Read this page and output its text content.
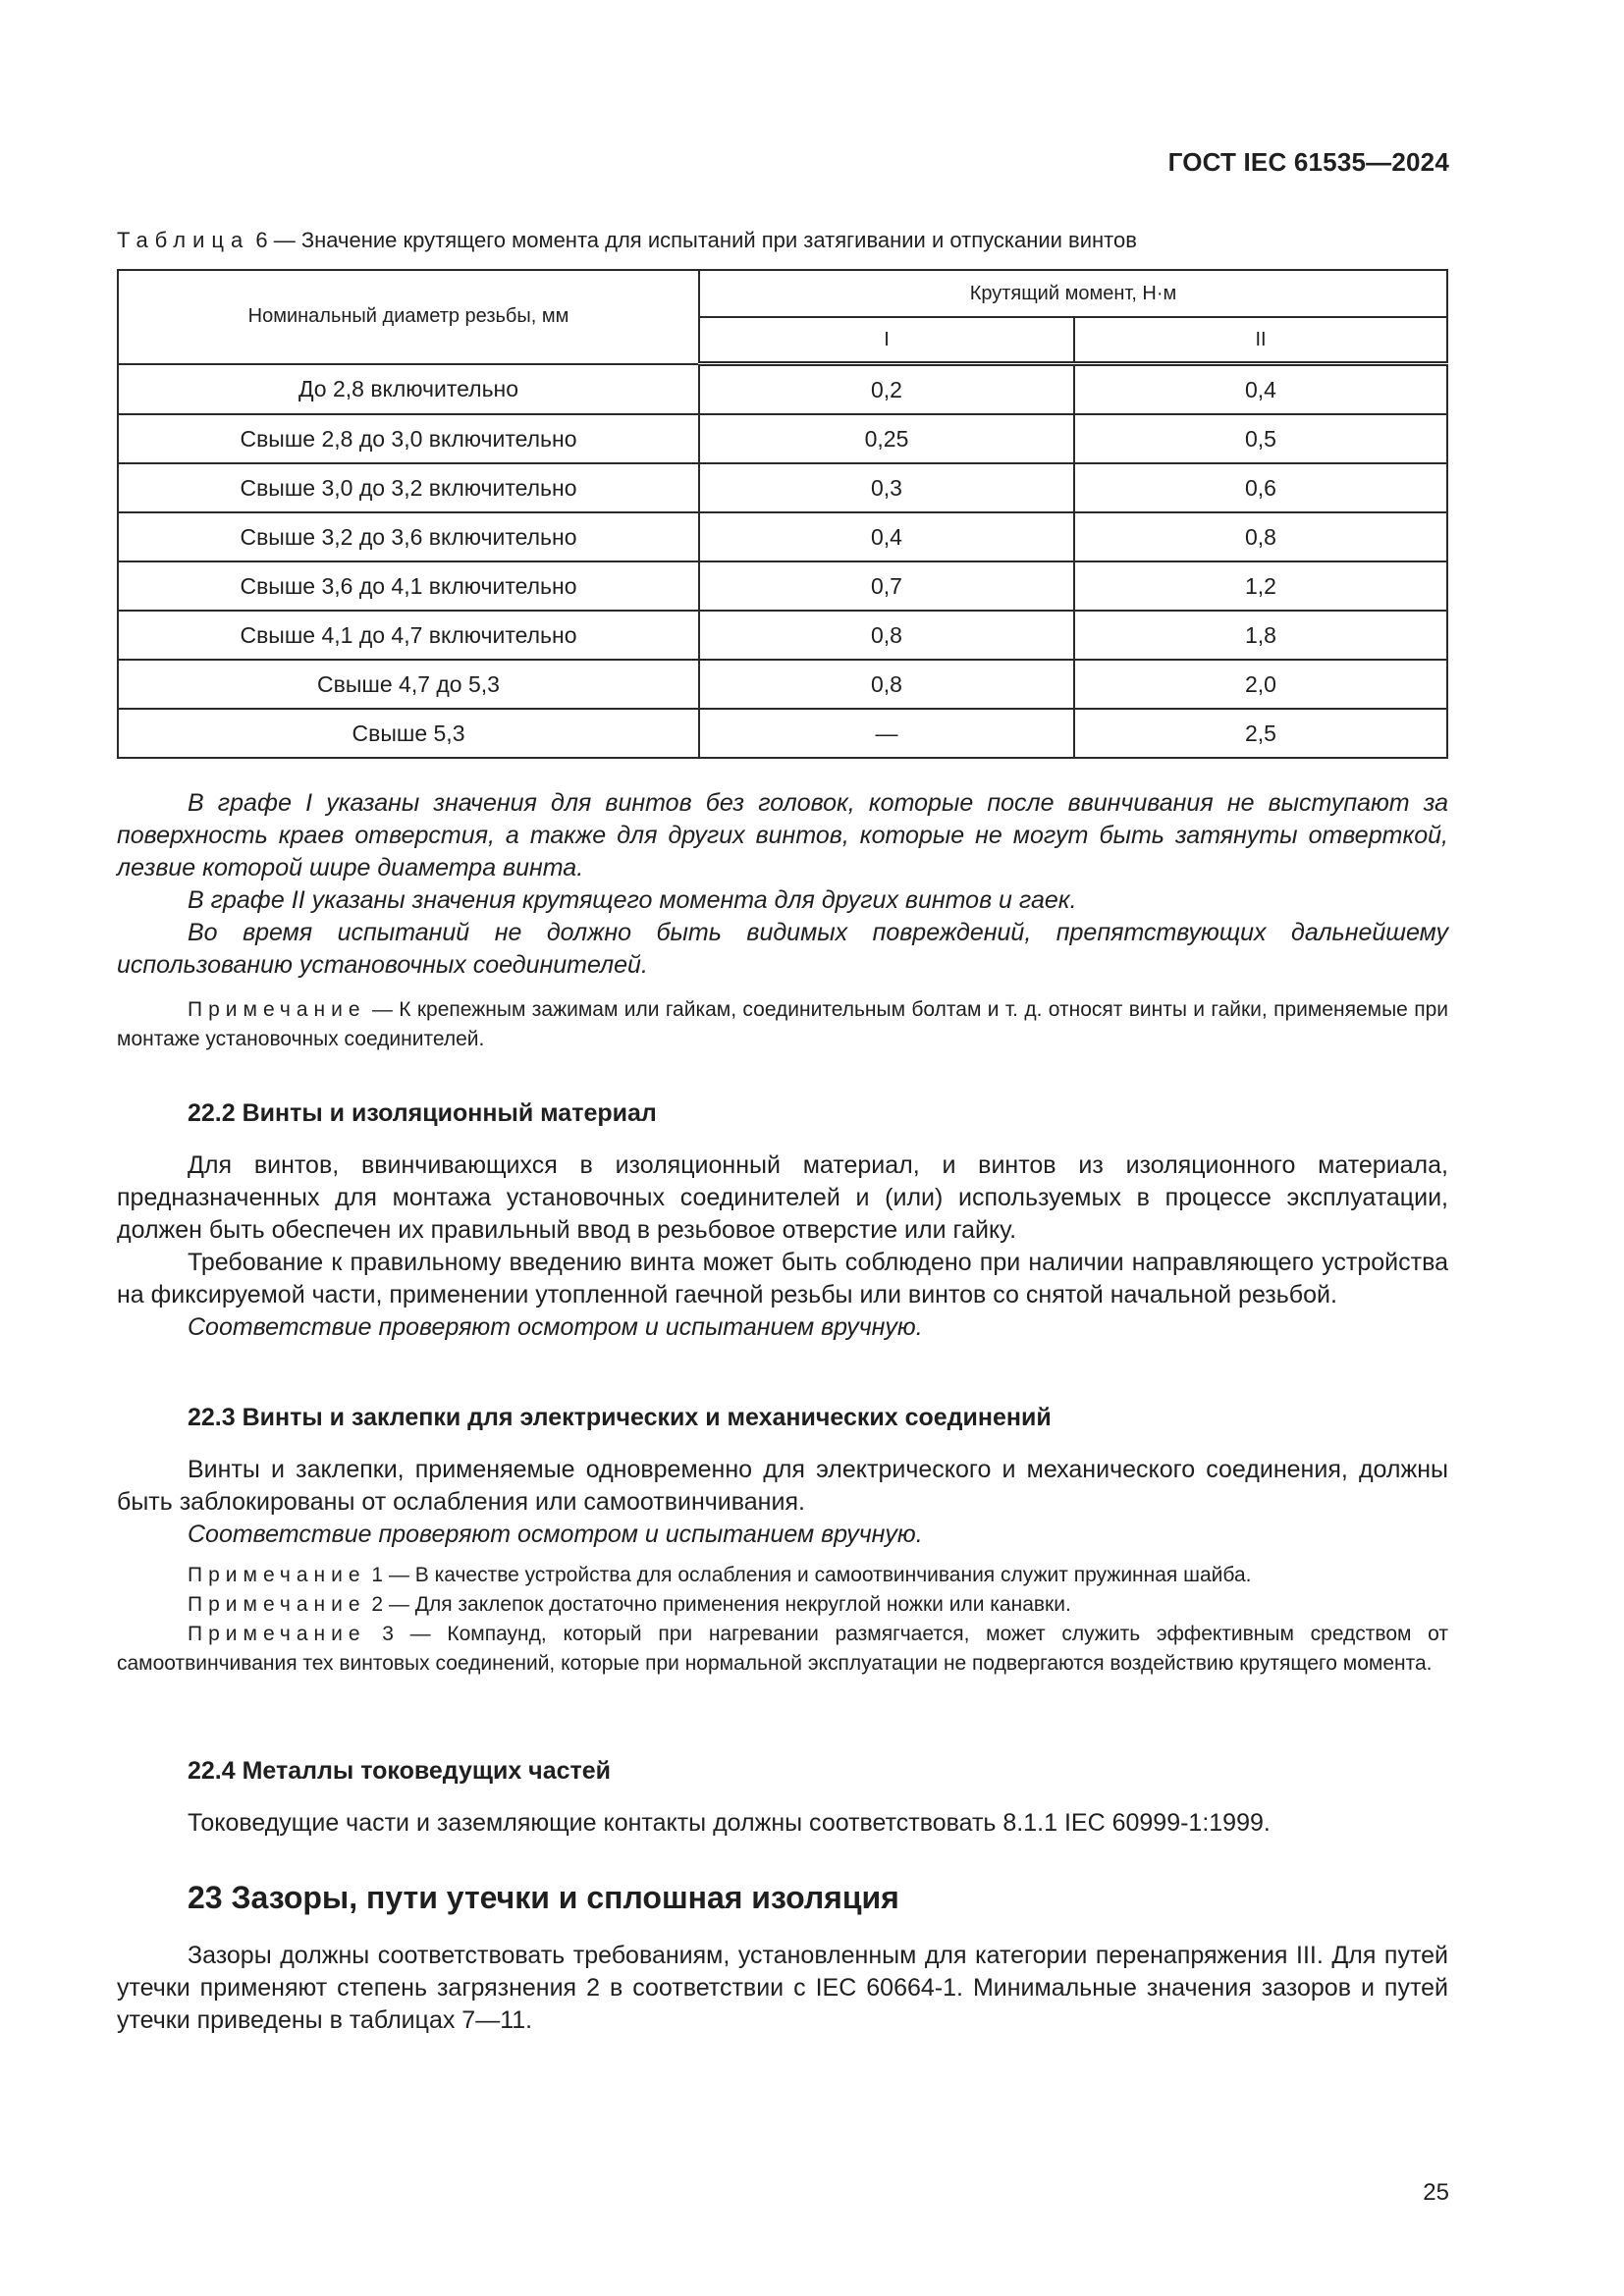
ГОСТ IEC 61535—2024
Таблица 6 — Значение крутящего момента для испытаний при затягивании и отпускании винтов
Номинальный диаметр резьбы, мм	Крутящий момент, Н·м	
	I	II
До 2,8 включительно	0,2	0,4
Свыше 2,8 до 3,0 включительно	0,25	0,5
Свыше 3,0 до 3,2 включительно	0,3	0,6
Свыше 3,2 до 3,6 включительно	0,4	0,8
Свыше 3,6 до 4,1 включительно	0,7	1,2
Свыше 4,1 до 4,7 включительно	0,8	1,8
Свыше 4,7 до 5,3	0,8	2,0
Свыше 5,3	—	2,5

В графе I указаны значения для винтов без головок, которые после ввинчивания не выступают за поверхность краев отверстия, а также для других винтов, которые не могут быть затянуты отверткой, лезвие которой шире диаметра винта.

В графе II указаны значения крутящего момента для других винтов и гаек.

Во время испытаний не должно быть видимых повреждений, препятствующих дальнейшему использованию установочных соединителей.

Примечание — К крепежным зажимам или гайкам, соединительным болтам и т. д. относят винты и гайки, применяемые при монтаже установочных соединителей.

22.2 Винты и изоляционный материал

Для винтов, ввинчивающихся в изоляционный материал, и винтов из изоляционного материала, предназначенных для монтажа установочных соединителей и (или) используемых в процессе эксплуатации, должен быть обеспечен их правильный ввод в резьбовое отверстие или гайку.

Требование к правильному введению винта может быть соблюдено при наличии направляющего устройства на фиксируемой части, применении утопленной гаечной резьбы или винтов со снятой начальной резьбой.

Соответствие проверяют осмотром и испытанием вручную.

22.3 Винты и заклепки для электрических и механических соединений

Винты и заклепки, применяемые одновременно для электрического и механического соединения, должны быть заблокированы от ослабления или самоотвинчивания.

Соответствие проверяют осмотром и испытанием вручную.

Примечание 1 — В качестве устройства для ослабления и самоотвинчивания служит пружинная шайба.

Примечание 2 — Для заклепок достаточно применения некруглой ножки или канавки.

Примечание 3 — Компаунд, который при нагревании размягчается, может служить эффективным средством от самоотвинчивания тех винтовых соединений, которые при нормальной эксплуатации не подвергаются воздействию крутящего момента.

22.4 Металлы токоведущих частей

Токоведущие части и заземляющие контакты должны соответствовать 8.1.1 IEC 60999-1:1999.

23 Зазоры, пути утечки и сплошная изоляция

Зазоры должны соответствовать требованиям, установленным для категории перенапряжения III. Для путей утечки применяют степень загрязнения 2 в соответствии с IEC 60664-1. Минимальные значения зазоров и путей утечки приведены в таблицах 7—11.

25
